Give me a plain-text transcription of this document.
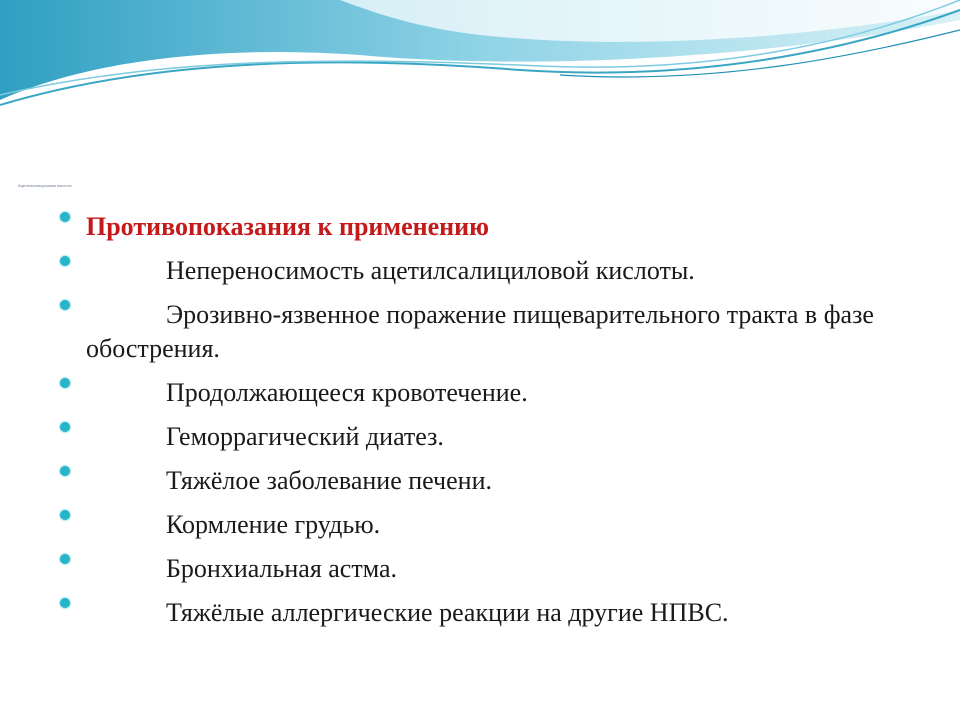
Ацетилсалициловая кислота
Противопоказания к применению
Непереносимость ацетилсалициловой кислоты.
Эрозивно-язвенное поражение пищеварительного тракта в фазе обострения.
Продолжающееся кровотечение.
Геморрагический диатез.
Тяжёлое заболевание печени.
Кормление грудью.
Бронхиальная астма.
Тяжёлые аллергические реакции на другие НПВС.
